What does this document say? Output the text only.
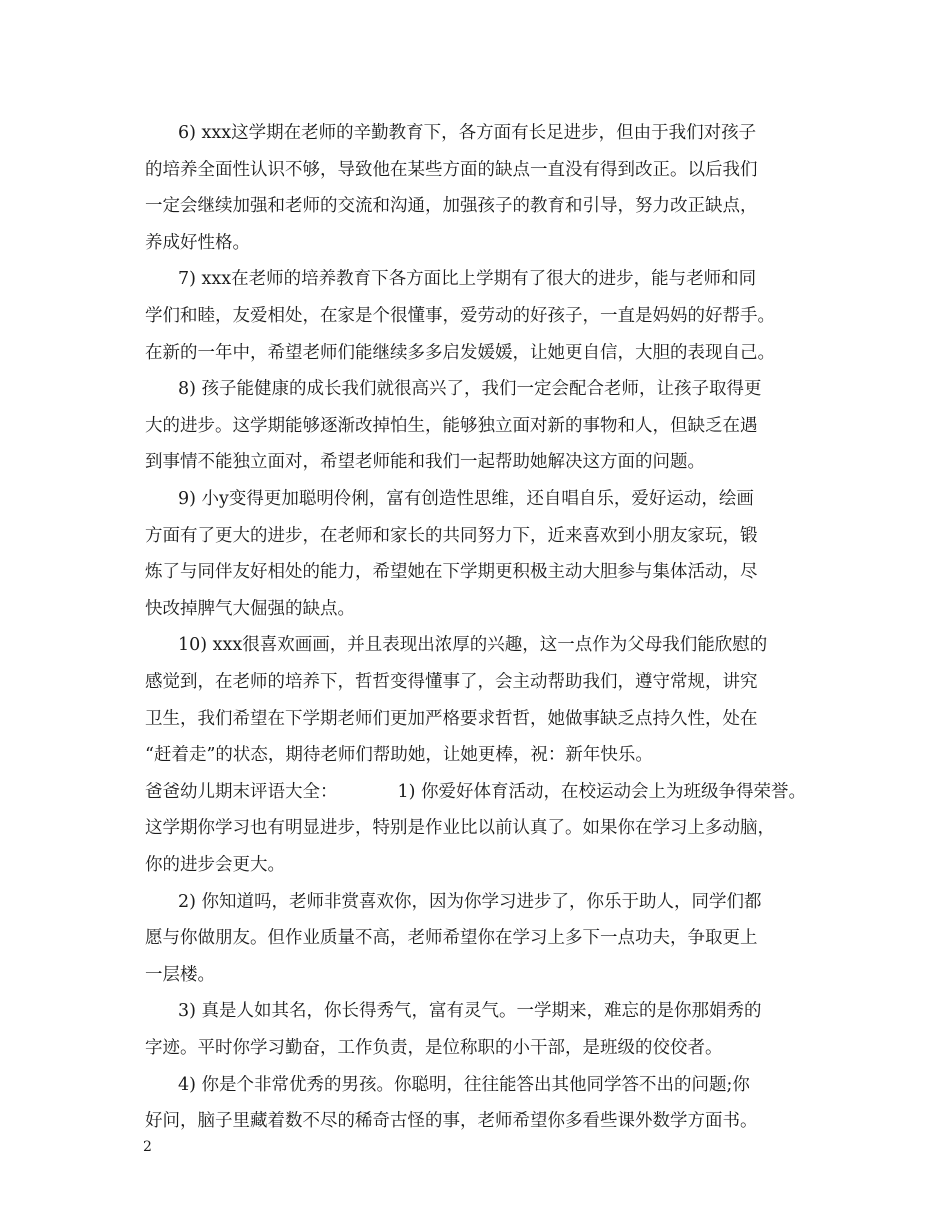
6) xxx这学期在老师的辛勤教育下，各方面有长足进步，但由于我们对孩子
的培养全面性认识不够，导致他在某些方面的缺点一直没有得到改正。以后我们
一定会继续加强和老师的交流和沟通，加强孩子的教育和引导，努力改正缺点，
养成好性格。
7) xxx在老师的培养教育下各方面比上学期有了很大的进步，能与老师和同
学们和睦，友爱相处，在家是个很懂事，爱劳动的好孩子，一直是妈妈的好帮手。
在新的一年中，希望老师们能继续多多启发媛媛，让她更自信，大胆的表现自己。
8) 孩子能健康的成长我们就很高兴了，我们一定会配合老师，让孩子取得更
大的进步。这学期能够逐渐改掉怕生，能够独立面对新的事物和人，但缺乏在遇
到事情不能独立面对，希望老师能和我们一起帮助她解决这方面的问题。
9) 小y变得更加聪明伶俐，富有创造性思维，还自唱自乐，爱好运动，绘画
方面有了更大的进步，在老师和家长的共同努力下，近来喜欢到小朋友家玩，锻
炼了与同伴友好相处的能力，希望她在下学期更积极主动大胆参与集体活动，尽
快改掉脾气大倔强的缺点。
10) xxx很喜欢画画，并且表现出浓厚的兴趣，这一点作为父母我们能欣慰的
感觉到，在老师的培养下，哲哲变得懂事了，会主动帮助我们，遵守常规，讲究
卫生，我们希望在下学期老师们更加严格要求哲哲，她做事缺乏点持久性，处在
“赶着走”的状态，期待老师们帮助她，让她更棒，祝：新年快乐。
爸爸幼儿期末评语大全：	1) 你爱好体育活动，在校运动会上为班级争得荣誉。
这学期你学习也有明显进步，特别是作业比以前认真了。如果你在学习上多动脑，
你的进步会更大。
2) 你知道吗，老师非赏喜欢你，因为你学习进步了，你乐于助人，同学们都
愿与你做朋友。但作业质量不高，老师希望你在学习上多下一点功夫，争取更上
一层楼。
3) 真是人如其名，你长得秀气，富有灵气。一学期来，难忘的是你那娟秀的
字迹。平时你学习勤奋，工作负责，是位称职的小干部，是班级的佼佼者。
4) 你是个非常优秀的男孩。你聪明，往往能答出其他同学答不出的问题;你
好问，脑子里藏着数不尽的稀奇古怪的事，老师希望你多看些课外数学方面书。
2
